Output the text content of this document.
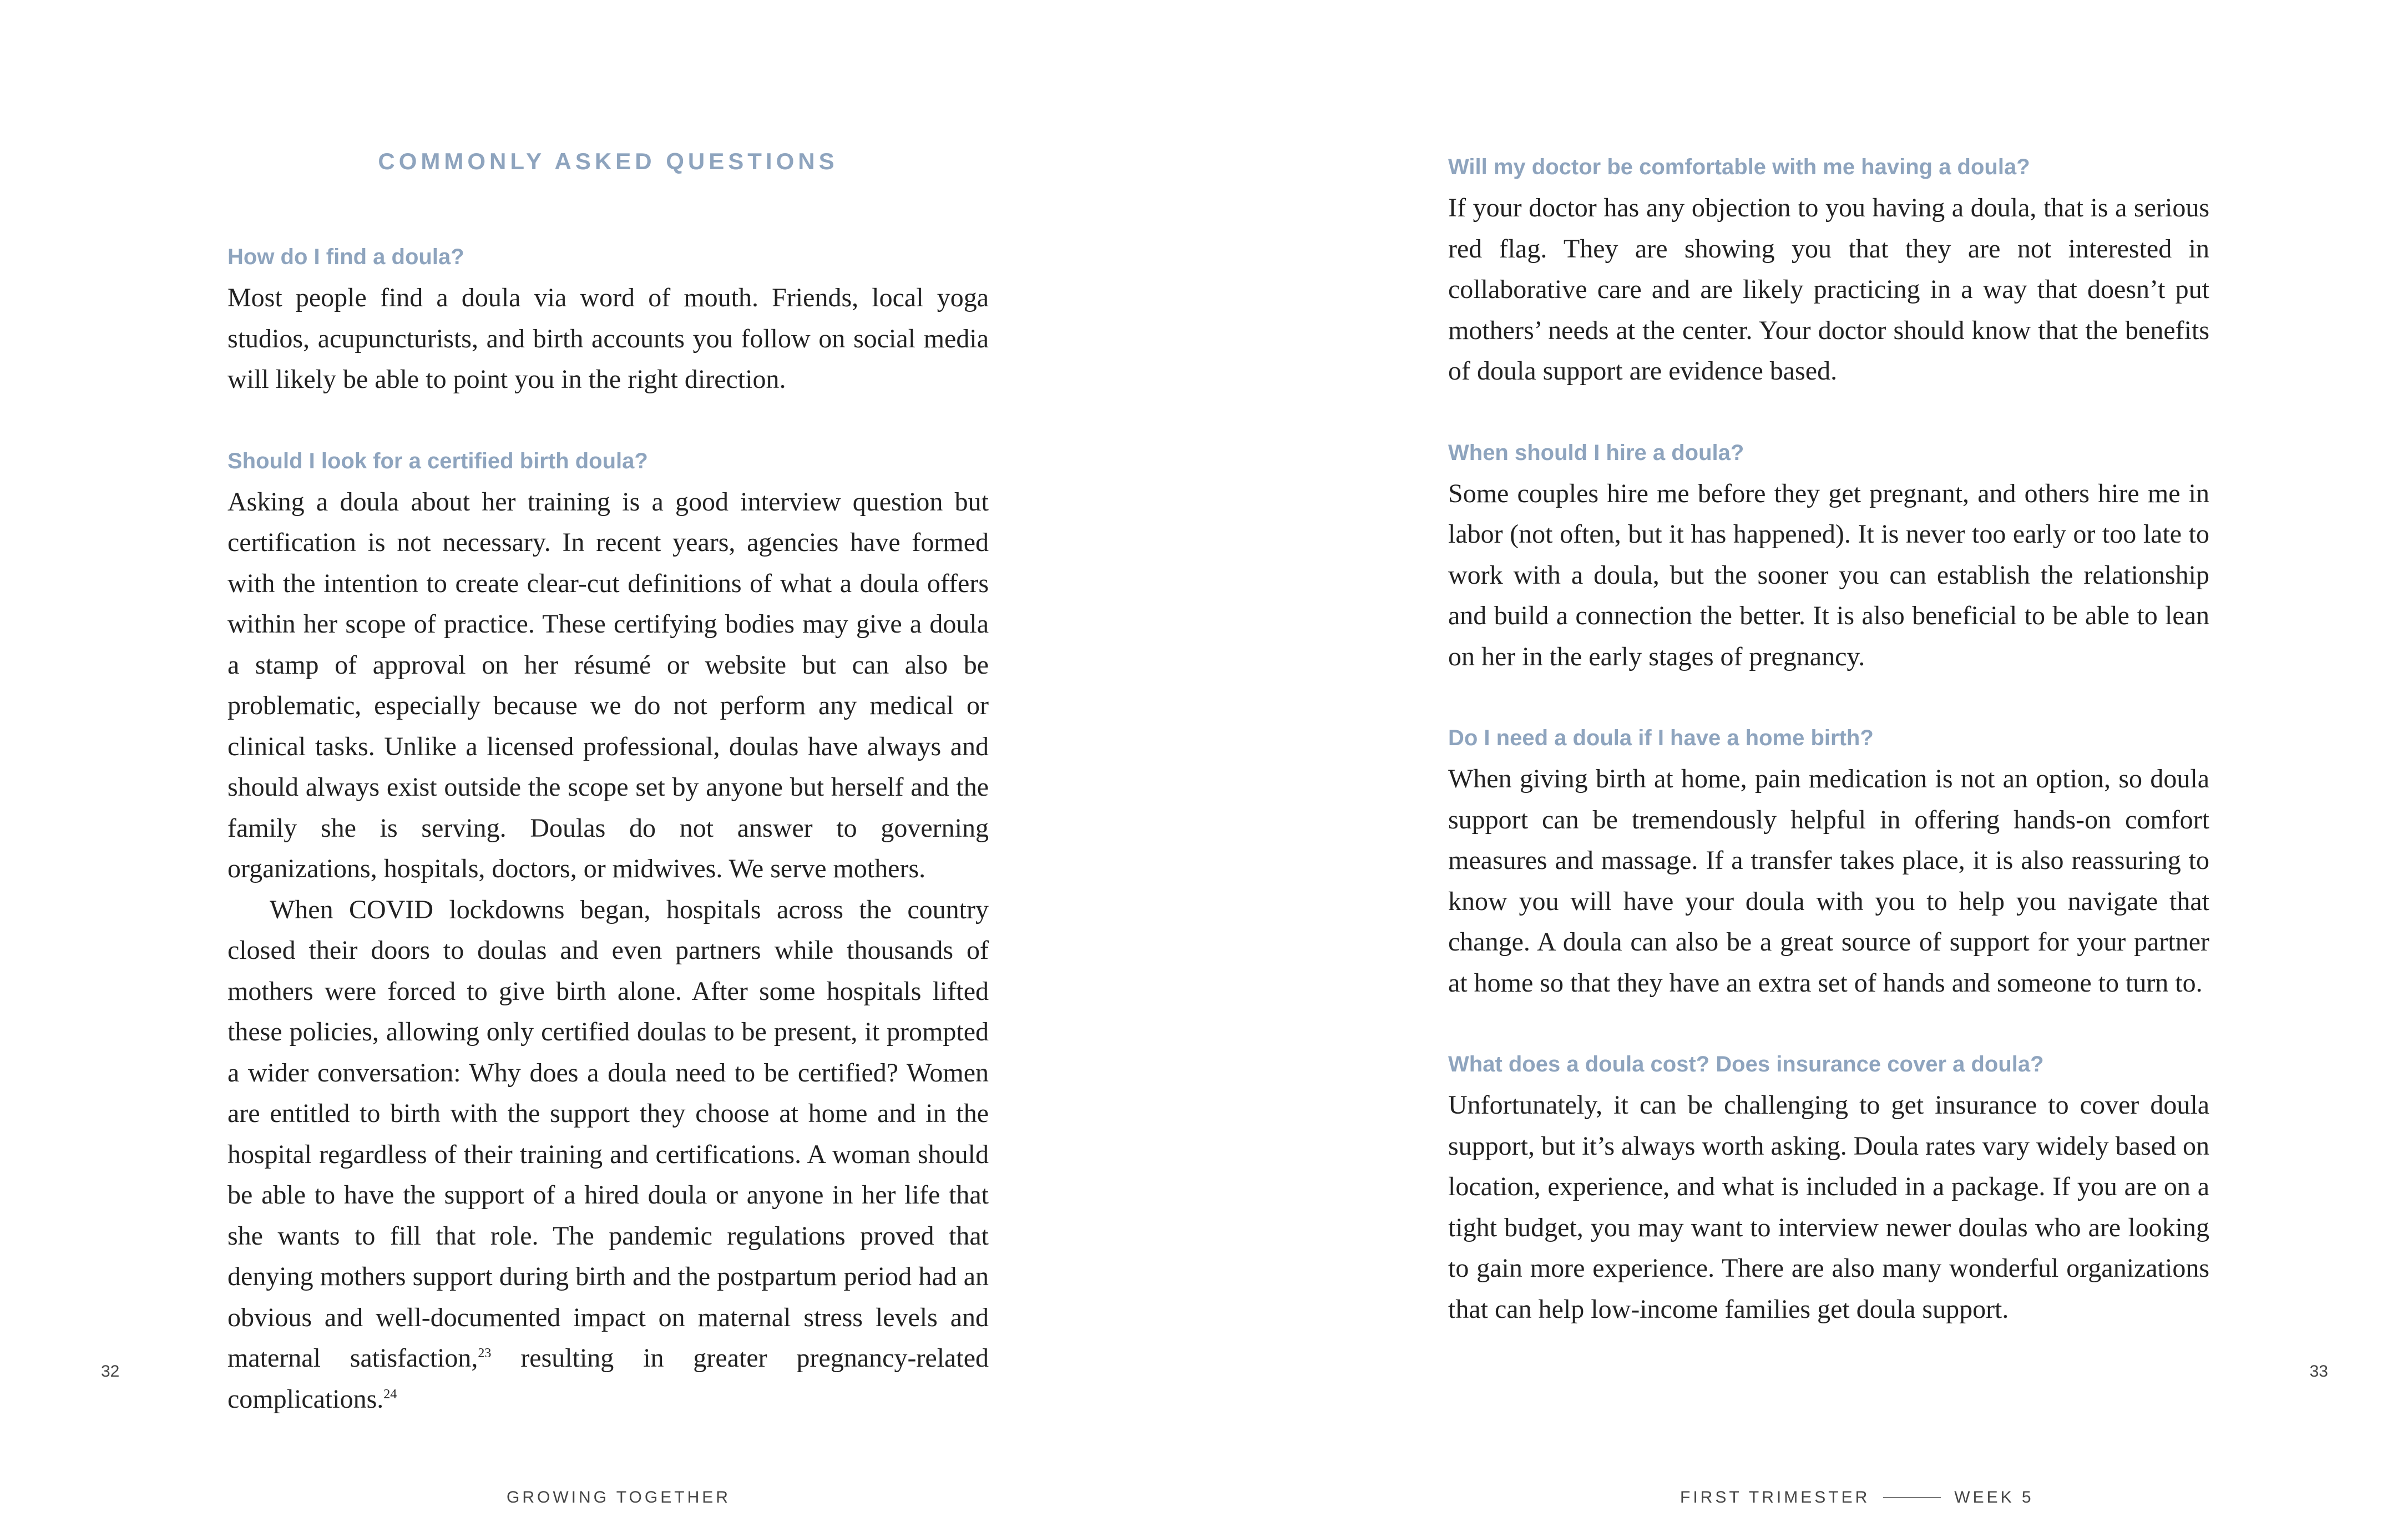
COMMONLY ASKED QUESTIONS
How do I find a doula?

Most people find a doula via word of mouth. Friends, local yoga studios, acupuncturists, and birth accounts you follow on social media will likely be able to point you in the right direction.

Should I look for a certified birth doula?

Asking a doula about her training is a good interview question but certification is not necessary. In recent years, agencies have formed with the intention to create clear-cut definitions of what a doula offers within her scope of practice. These certifying bodies may give a doula a stamp of approval on her résumé or website but can also be problematic, especially because we do not perform any medical or clinical tasks. Unlike a licensed professional, doulas have always and should always exist outside the scope set by anyone but herself and the family she is serving. Doulas do not answer to governing organizations, hospitals, doctors, or midwives. We serve mothers.

When COVID lockdowns began, hospitals across the country closed their doors to doulas and even partners while thousands of mothers were forced to give birth alone. After some hospitals lifted these policies, allowing only certified doulas to be present, it prompted a wider conversation: Why does a doula need to be certified? Women are entitled to birth with the support they choose at home and in the hospital regardless of their training and certifications. A woman should be able to have the support of a hired doula or anyone in her life that she wants to fill that role. The pandemic regulations proved that denying mothers support during birth and the postpartum period had an obvious and well-documented impact on maternal stress levels and maternal satisfaction,$^{23}$ resulting in greater pregnancy-related complications.$^{24}$

32
GROWING TOGETHER
Will my doctor be comfortable with me having a doula?

If your doctor has any objection to you having a doula, that is a serious red flag. They are showing you that they are not interested in collaborative care and are likely practicing in a way that doesn’t put mothers’ needs at the center. Your doctor should know that the benefits of doula support are evidence based.

When should I hire a doula?

Some couples hire me before they get pregnant, and others hire me in labor (not often, but it has happened). It is never too early or too late to work with a doula, but the sooner you can establish the relationship and build a connection the better. It is also beneficial to be able to lean on her in the early stages of pregnancy.

Do I need a doula if I have a home birth?

When giving birth at home, pain medication is not an option, so doula support can be tremendously helpful in offering hands-on comfort measures and massage. If a transfer takes place, it is also reassuring to know you will have your doula with you to help you navigate that change. A doula can also be a great source of support for your partner at home so that they have an extra set of hands and someone to turn to.

What does a doula cost? Does insurance cover a doula?

Unfortunately, it can be challenging to get insurance to cover doula support, but it’s always worth asking. Doula rates vary widely based on location, experience, and what is included in a package. If you are on a tight budget, you may want to interview newer doulas who are looking to gain more experience. There are also many wonderful organizations that can help low-income families get doula support.

33
FIRST TRIMESTER	WEEK 5
